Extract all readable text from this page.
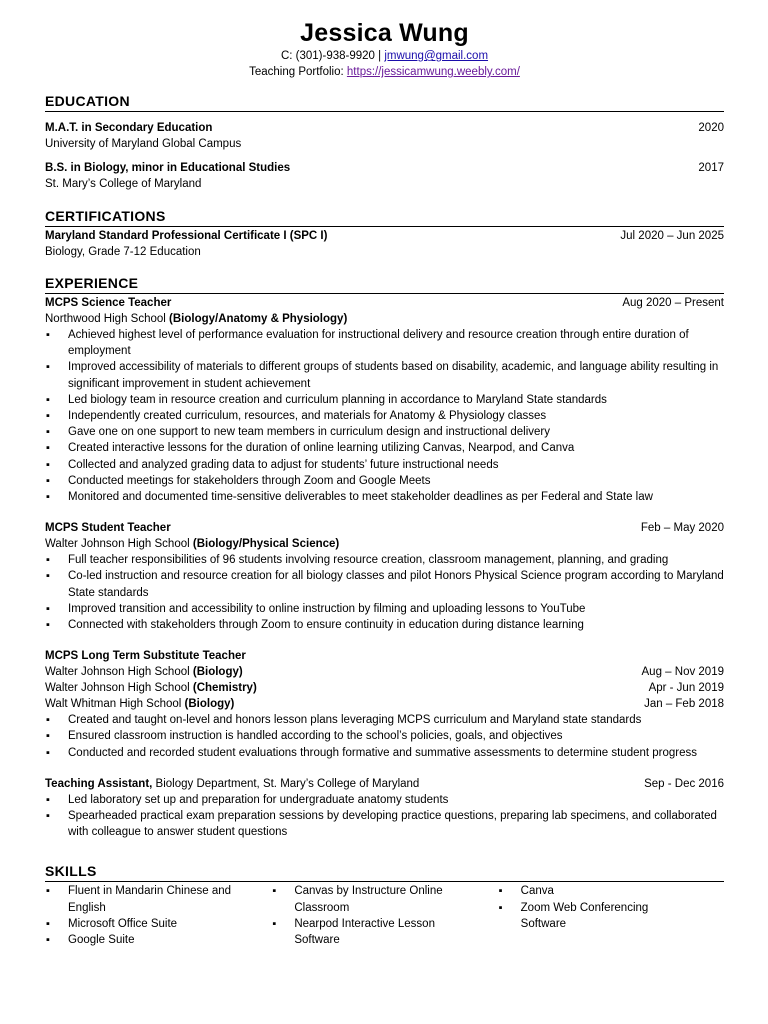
Jessica Wung
C: (301)-938-9920 | jmwung@gmail.com
Teaching Portfolio: https://jessicamwung.weebly.com/
EDUCATION
M.A.T. in Secondary Education	2020
University of Maryland Global Campus
B.S. in Biology, minor in Educational Studies	2017
St. Mary’s College of Maryland
CERTIFICATIONS
Maryland Standard Professional Certificate I (SPC I)	Jul 2020 – Jun 2025
Biology, Grade 7-12 Education
EXPERIENCE
MCPS Science Teacher	Aug 2020 – Present
Northwood High School (Biology/Anatomy & Physiology)
▪ Achieved highest level of performance evaluation for instructional delivery and resource creation through entire duration of employment
▪ Improved accessibility of materials to different groups of students based on disability, academic, and language ability resulting in significant improvement in student achievement
▪ Led biology team in resource creation and curriculum planning in accordance to Maryland State standards
▪ Independently created curriculum, resources, and materials for Anatomy & Physiology classes
▪ Gave one on one support to new team members in curriculum design and instructional delivery
▪ Created interactive lessons for the duration of online learning utilizing Canvas, Nearpod, and Canva
▪ Collected and analyzed grading data to adjust for students’ future instructional needs
▪ Conducted meetings for stakeholders through Zoom and Google Meets
▪ Monitored and documented time-sensitive deliverables to meet stakeholder deadlines as per Federal and State law
MCPS Student Teacher	Feb – May 2020
Walter Johnson High School (Biology/Physical Science)
▪ Full teacher responsibilities of 96 students involving resource creation, classroom management, planning, and grading
▪ Co-led instruction and resource creation for all biology classes and pilot Honors Physical Science program according to Maryland State standards
▪ Improved transition and accessibility to online instruction by filming and uploading lessons to YouTube
▪ Connected with stakeholders through Zoom to ensure continuity in education during distance learning
MCPS Long Term Substitute Teacher
Walter Johnson High School (Biology)	Aug – Nov 2019
Walter Johnson High School (Chemistry)	Apr - Jun 2019
Walt Whitman High School (Biology)	Jan – Feb 2018
▪ Created and taught on-level and honors lesson plans leveraging MCPS curriculum and Maryland state standards
▪ Ensured classroom instruction is handled according to the school’s policies, goals, and objectives
▪ Conducted and recorded student evaluations through formative and summative assessments to determine student progress
Teaching Assistant, Biology Department, St. Mary’s College of Maryland	Sep - Dec 2016
▪ Led laboratory set up and preparation for undergraduate anatomy students
▪ Spearheaded practical exam preparation sessions by developing practice questions, preparing lab specimens, and collaborated with colleague to answer student questions
SKILLS
▪ Fluent in Mandarin Chinese and English
▪ Microsoft Office Suite
▪ Google Suite
▪ Canvas by Instructure Online Classroom
▪ Nearpod Interactive Lesson Software
▪ Canva
▪ Zoom Web Conferencing Software
